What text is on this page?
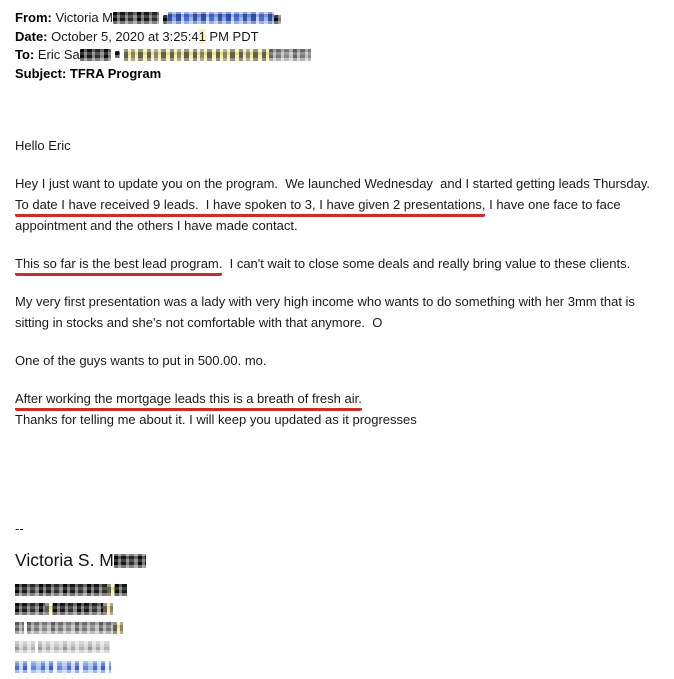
From: Victoria M
Date: October 5, 2020 at 3:25:41 PM PDT
To: Eric Sa
Subject: TFRA Program
Hello Eric
Hey I just want to update you on the program.  We launched Wednesday  and I started getting leads Thursday.  To date I have received 9 leads.  I have spoken to 3, I have given 2 presentations, I have one face to face appointment and the others I have made contact.
This so far is the best lead program.  I can't wait to close some deals and really bring value to these clients.
My very first presentation was a lady with very high income who wants to do something with her 3mm that is sitting in stocks and she's not comfortable with that anymore.  O
One of the guys wants to put in 500.00. mo.
After working the mortgage leads this is a breath of fresh air.
Thanks for telling me about it. I will keep you updated as it progresses
--
Victoria S. M
